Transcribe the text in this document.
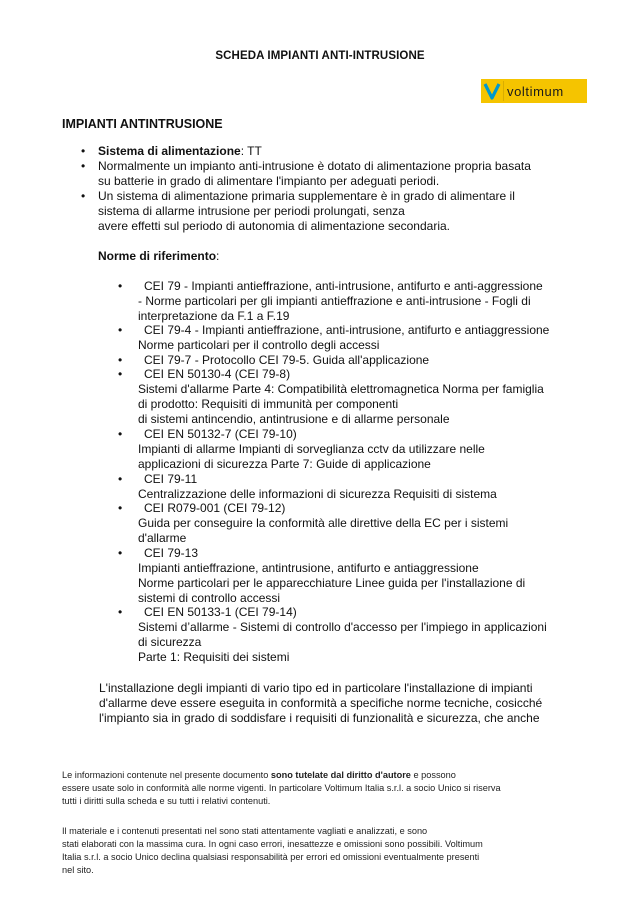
SCHEDA IMPIANTI ANTI-INTRUSIONE
voltimum
IMPIANTI ANTINTRUSIONE
• Sistema di alimentazione: TT
• Normalmente un impianto anti-intrusione è dotato di alimentazione propria basata
su batterie in grado di alimentare l'impianto per adeguati periodi.
• Un sistema di alimentazione primaria supplementare è in grado di alimentare il
sistema di allarme intrusione per periodi prolungati, senza
avere effetti sul periodo di autonomia di alimentazione secondaria.
Norme di riferimento:
• CEI 79 - Impianti antieffrazione, anti-intrusione, antifurto e anti-aggressione
- Norme particolari per gli impianti antieffrazione e anti-intrusione - Fogli di
interpretazione da F.1 a F.19
• CEI 79-4 - Impianti antieffrazione, anti-intrusione, antifurto e antiaggressione
Norme particolari per il controllo degli accessi
• CEI 79-7 - Protocollo CEI 79-5. Guida all'applicazione
• CEI EN 50130-4 (CEI 79-8)
Sistemi d'allarme Parte 4: Compatibilità elettromagnetica Norma per famiglia
di prodotto: Requisiti di immunità per componenti
di sistemi antincendio, antintrusione e di allarme personale
• CEI EN 50132-7 (CEI 79-10)
Impianti di allarme Impianti di sorveglianza cctv da utilizzare nelle
applicazioni di sicurezza Parte 7: Guide di applicazione
• CEI 79-11
Centralizzazione delle informazioni di sicurezza Requisiti di sistema
• CEI R079-001 (CEI 79-12)
Guida per conseguire la conformità alle direttive della EC per i sistemi
d'allarme
• CEI 79-13
Impianti antieffrazione, antintrusione, antifurto e antiaggressione
Norme particolari per le apparecchiature Linee guida per l'installazione di
sistemi di controllo accessi
• CEI EN 50133-1 (CEI 79-14)
Sistemi d’allarme - Sistemi di controllo d'accesso per l'impiego in applicazioni
di sicurezza
Parte 1: Requisiti dei sistemi
L'installazione degli impianti di vario tipo ed in particolare l'installazione di impianti
d'allarme deve essere eseguita in conformità a specifiche norme tecniche, cosicché
l'impianto sia in grado di soddisfare i requisiti di funzionalità e sicurezza, che anche
Le informazioni contenute nel presente documento sono tutelate dal diritto d'autore e possono
essere usate solo in conformità alle norme vigenti. In particolare Voltimum Italia s.r.l. a socio Unico si riserva
tutti i diritti sulla scheda e su tutti i relativi contenuti.
Il materiale e i contenuti presentati nel sono stati attentamente vagliati e analizzati, e sono
stati elaborati con la massima cura. In ogni caso errori, inesattezze e omissioni sono possibili. Voltimum
Italia s.r.l. a socio Unico declina qualsiasi responsabilità per errori ed omissioni eventualmente presenti
nel sito.
